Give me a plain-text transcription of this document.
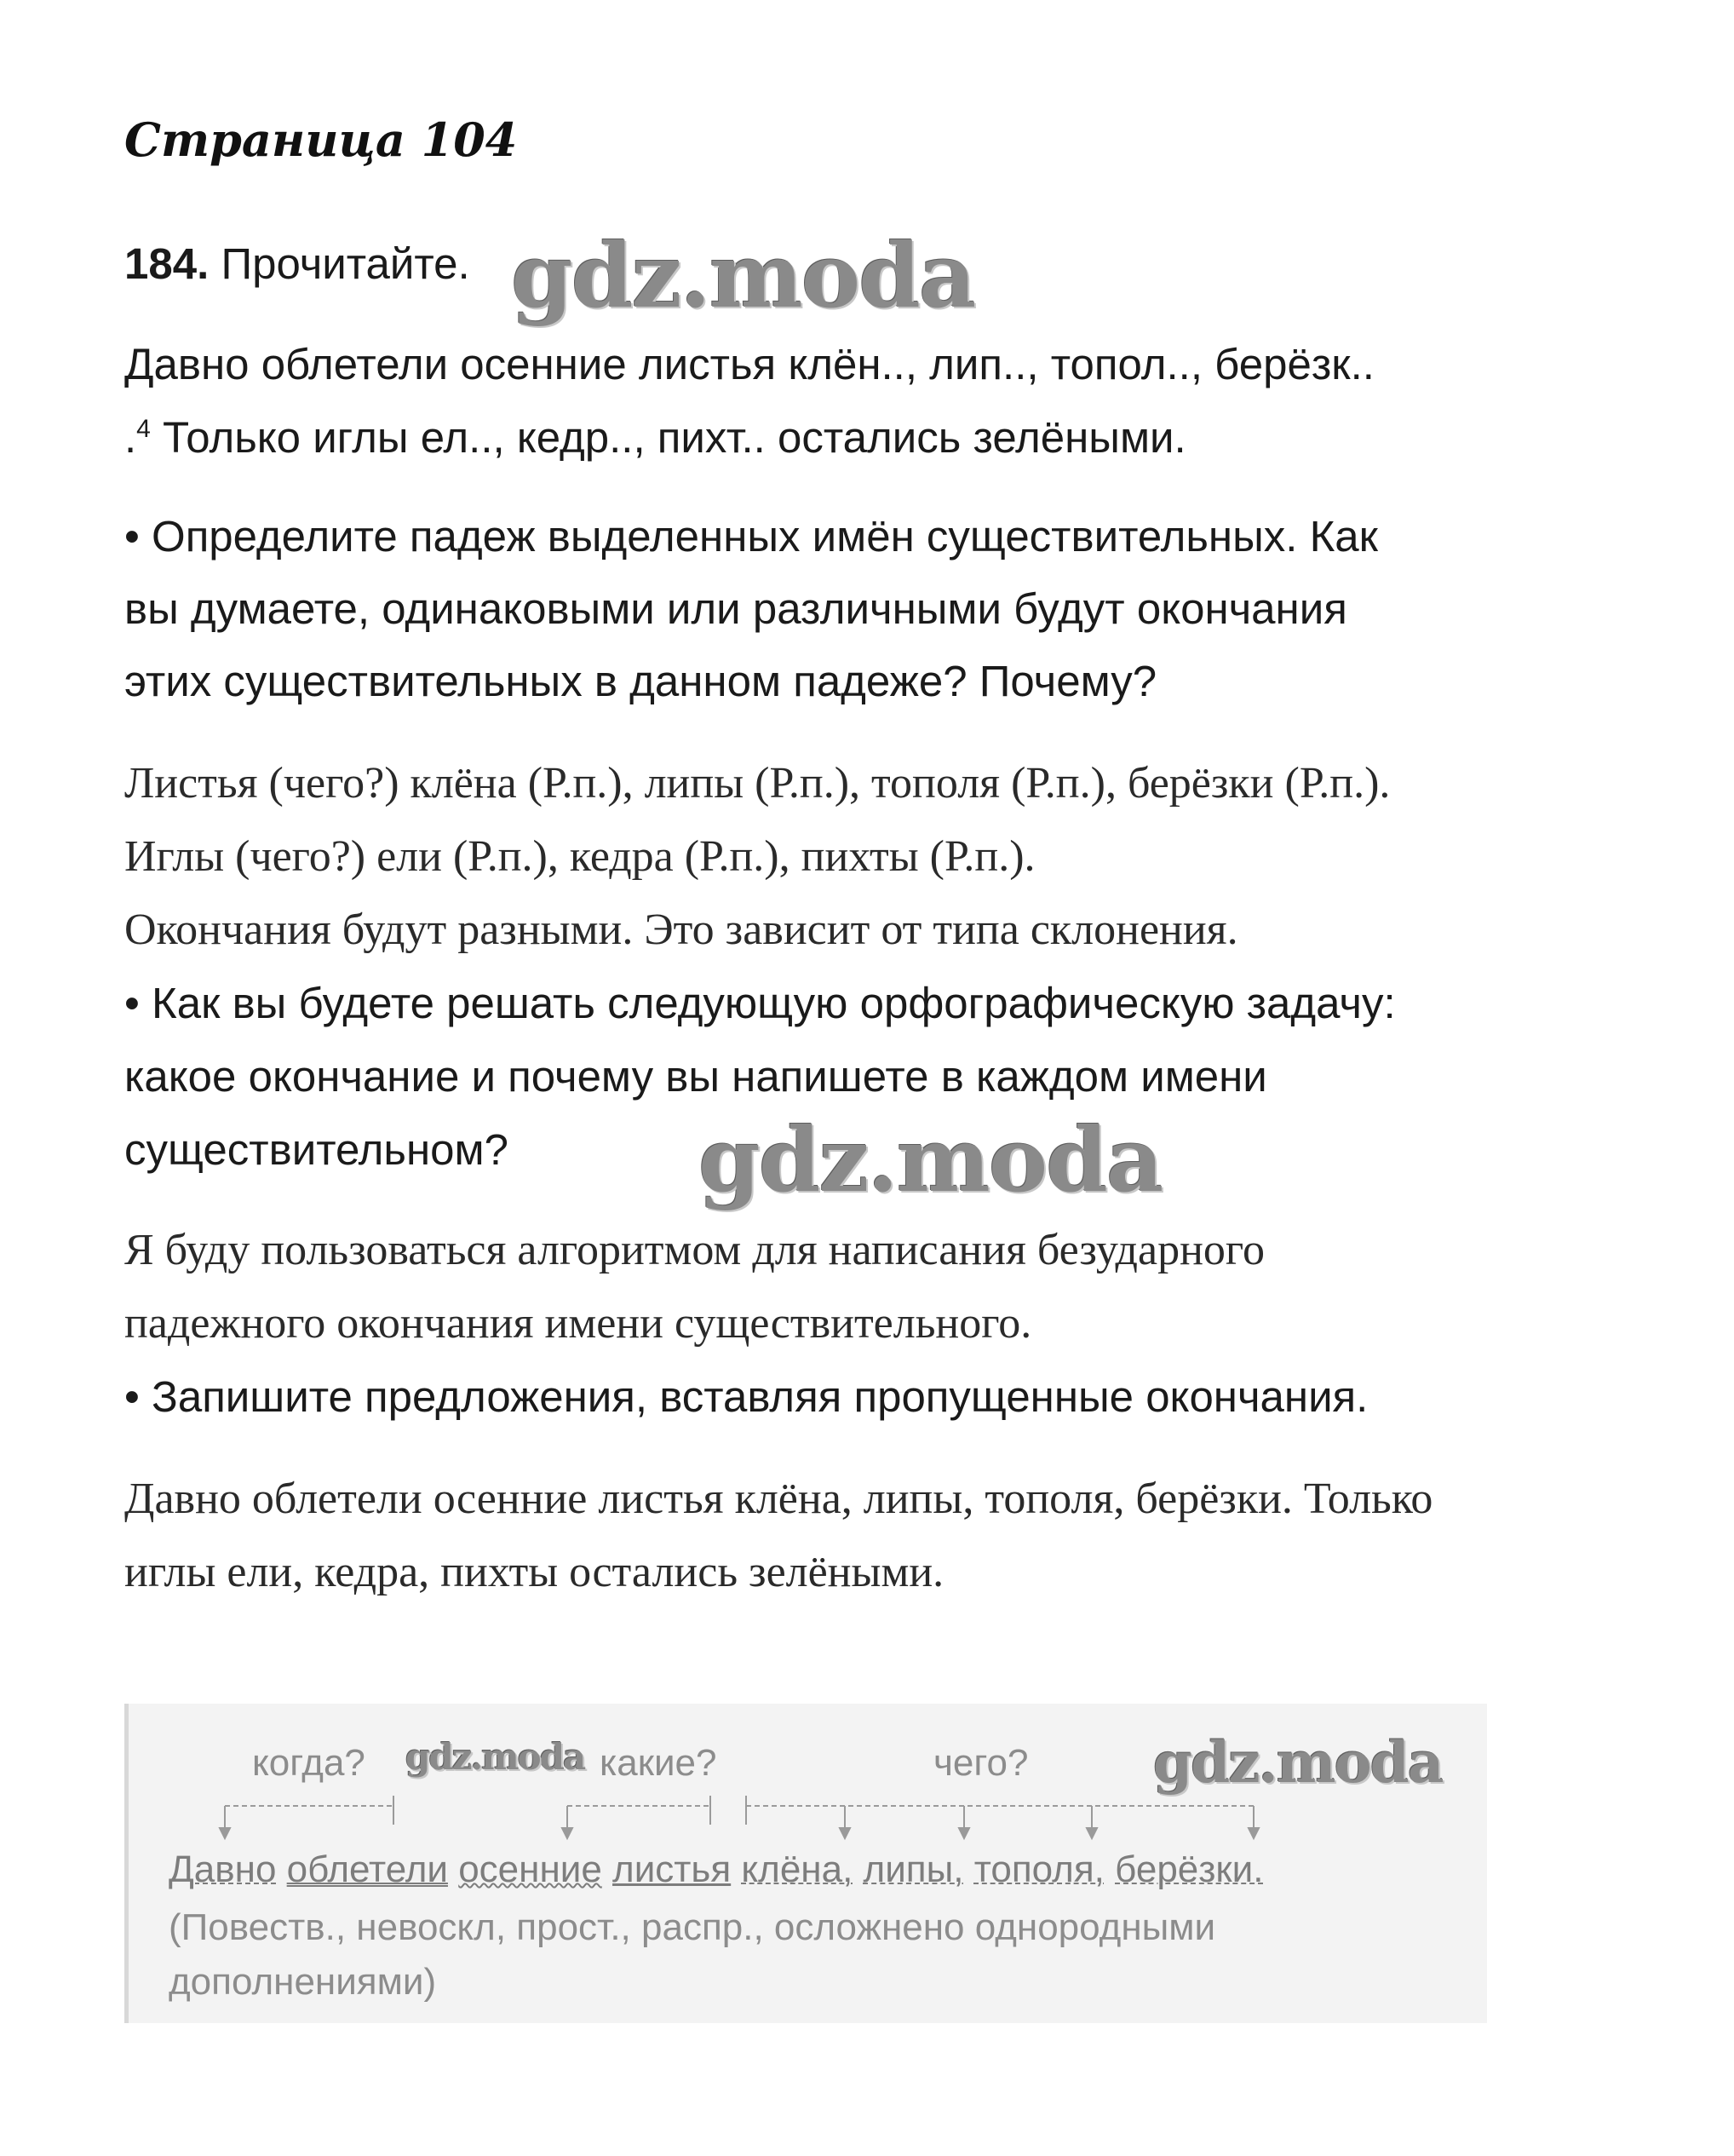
Страница 104
184. Прочитайте. gdz.moda
Давно облетели осенние листья клён.., лип.., топол.., берёзк..
.$^4$ Только иглы ел.., кедр.., пихт.. остались зелёными.
• Определите падеж выделенных имён существительных. Как
вы думаете, одинаковыми или различными будут окончания
этих существительных в данном падеже? Почему?
Листья (чего?) клёна (Р.п.), липы (Р.п.), тополя (Р.п.), берёзки (Р.п.).
Иглы (чего?) ели (Р.п.), кедра (Р.п.), пихты (Р.п.).
Окончания будут разными. Это зависит от типа склонения.
• Как вы будете решать следующую орфографическую задачу:
какое окончание и почему вы напишете в каждом имени
существительном? gdz.moda
Я буду пользоваться алгоритмом для написания безударного
падежного окончания имени существительного.
• Запишите предложения, вставляя пропущенные окончания.
Давно облетели осенние листья клёна, липы, тополя, берёзки. Только
иглы ели, кедра, пихты остались зелёными.
когда? gdz.moda какие?	чего? gdz.moda
Давно облетели осенние листья клёна, липы, тополя, берёзки.
(Повеств., невоскл, прост., распр., осложнено однородными
дополнениями)
